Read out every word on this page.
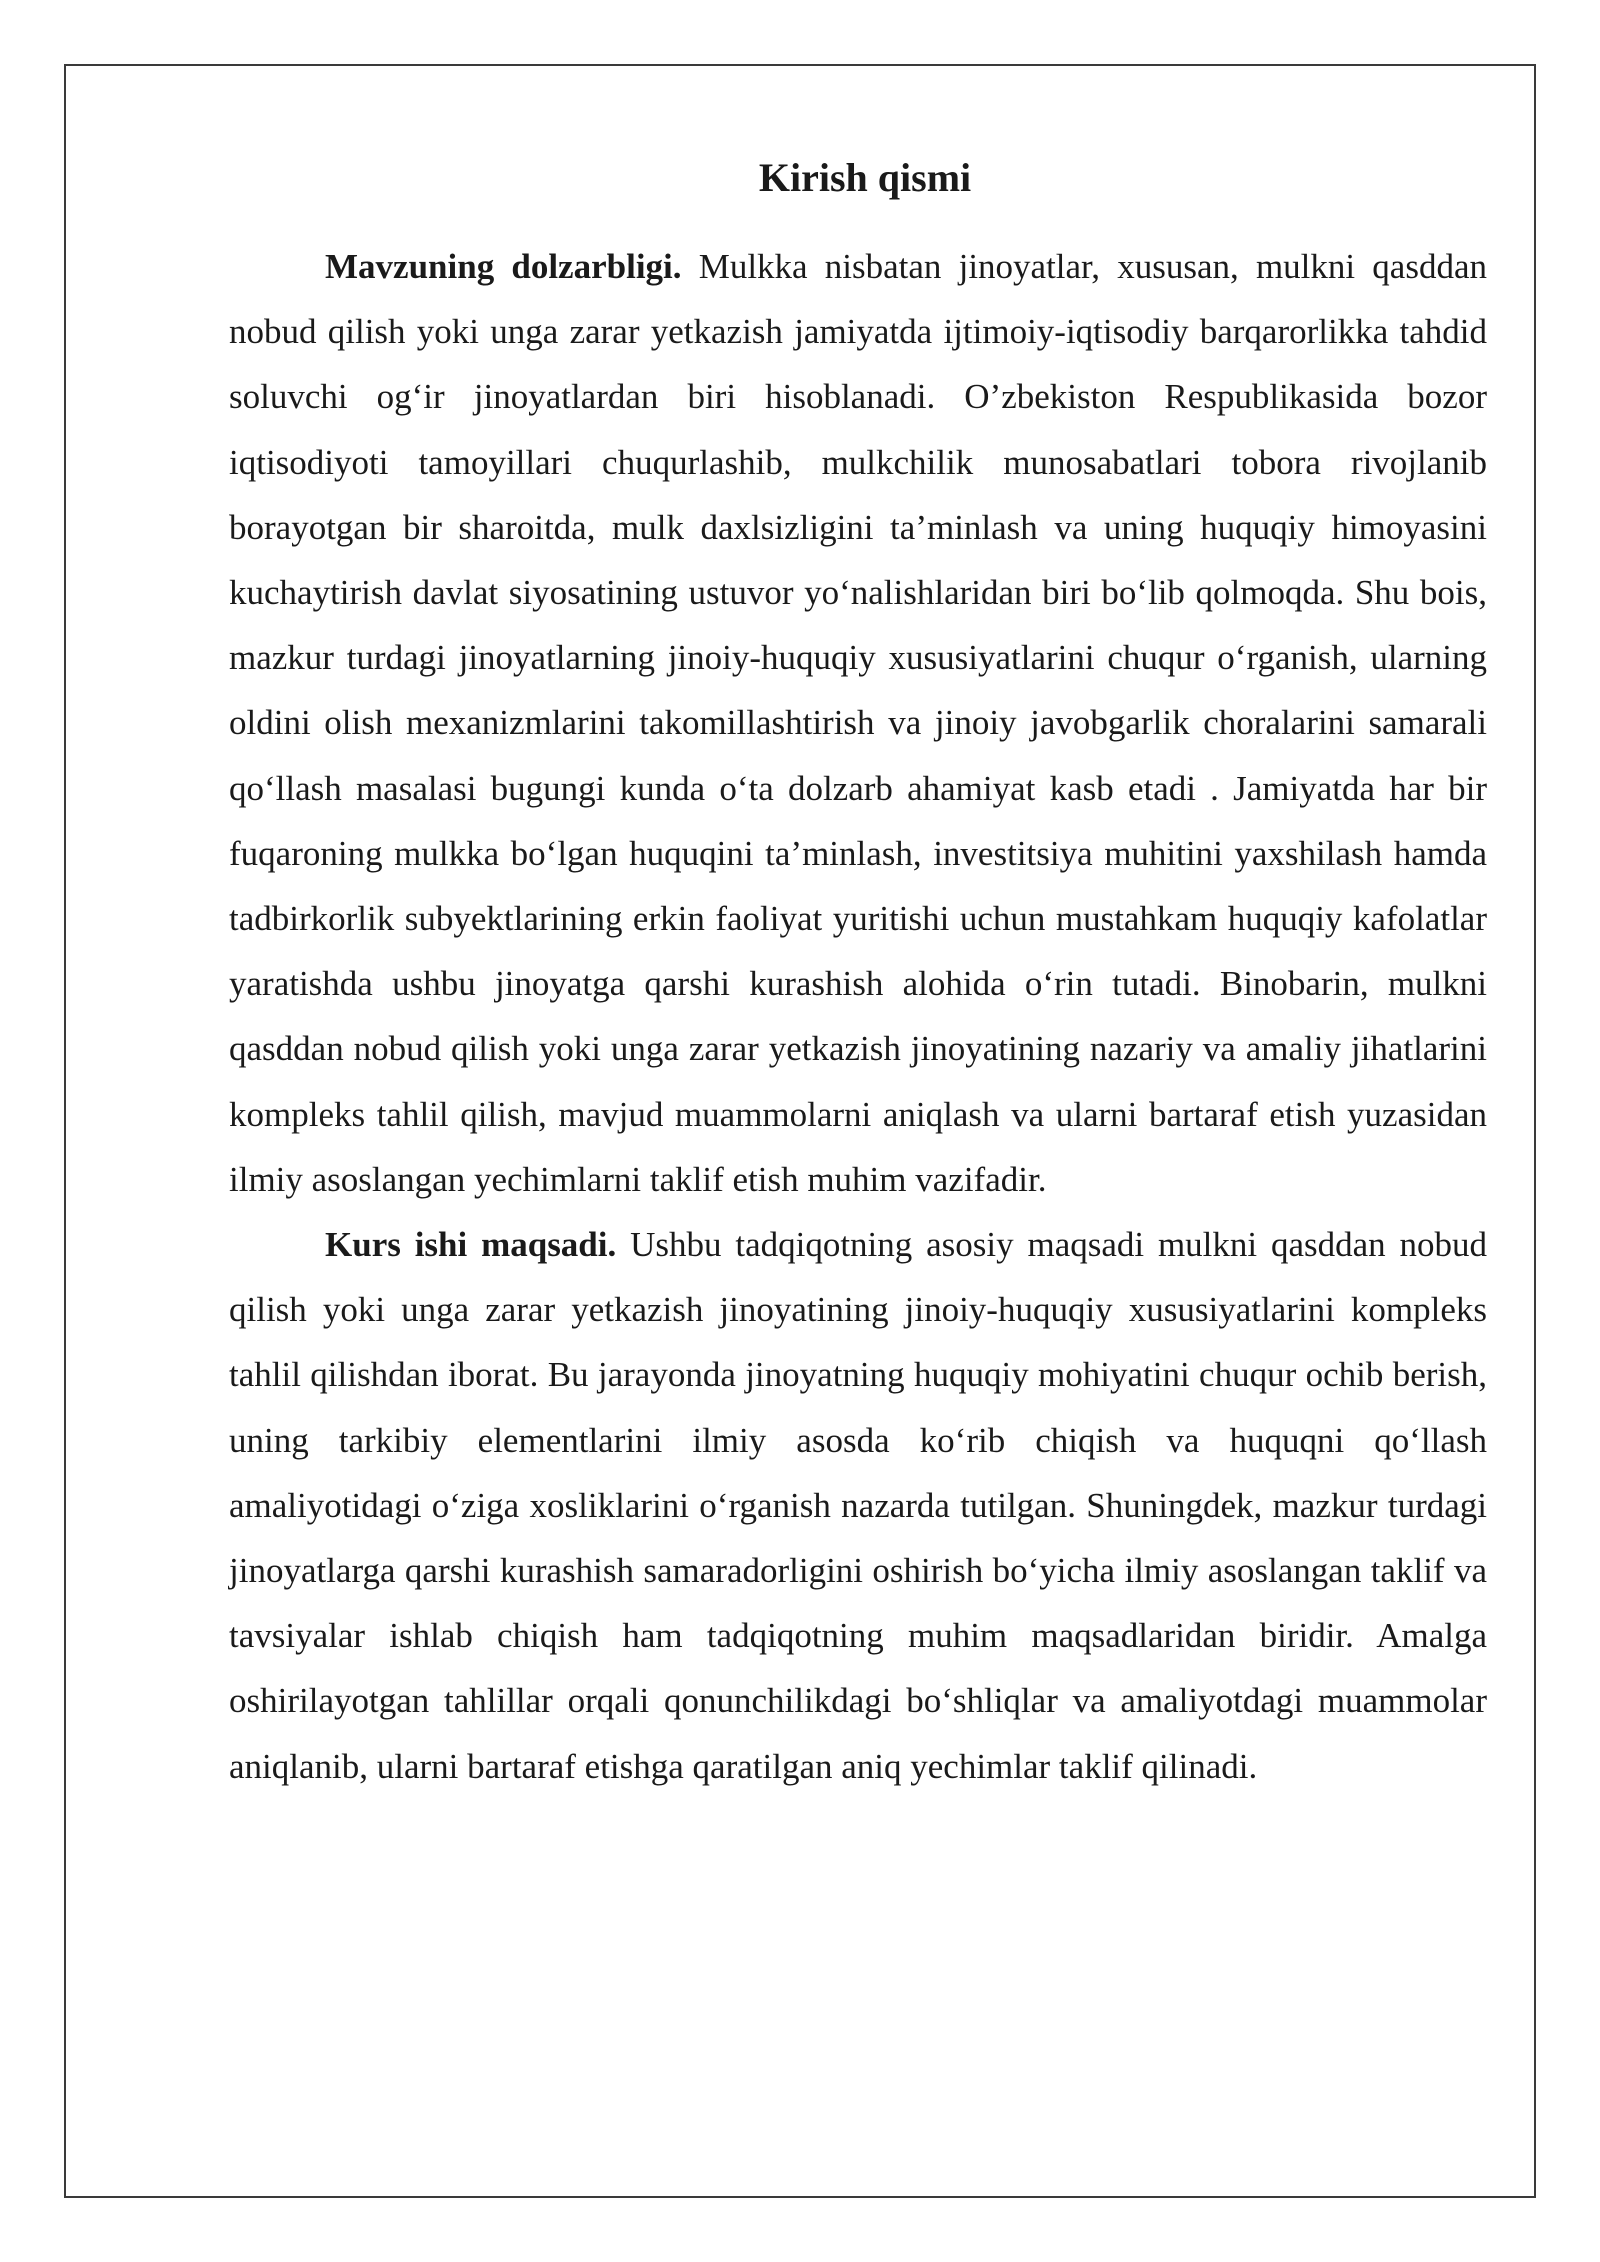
Kirish qismi

Mavzuning dolzarbligi. Mulkka nisbatan jinoyatlar, xususan, mulkni qasddan nobud qilish yoki unga zarar yetkazish jamiyatda ijtimoiy-iqtisodiy barqarorlikka tahdid soluvchi og‘ir jinoyatlardan biri hisoblanadi. O’zbekiston Respublikasida bozor iqtisodiyoti tamoyillari chuqurlashib, mulkchilik munosabatlari tobora rivojlanib borayotgan bir sharoitda, mulk daxlsizligini ta’minlash va uning huquqiy himoyasini kuchaytirish davlat siyosatining ustuvor yo‘nalishlaridan biri bo‘lib qolmoqda. Shu bois, mazkur turdagi jinoyatlarning jinoiy-huquqiy xususiyatlarini chuqur o‘rganish, ularning oldini olish mexanizmlarini takomillashtirish va jinoiy javobgarlik choralarini samarali qo‘llash masalasi bugungi kunda o‘ta dolzarb ahamiyat kasb etadi . Jamiyatda har bir fuqaroning mulkka bo‘lgan huquqini ta’minlash, investitsiya muhitini yaxshilash hamda tadbirkorlik subyektlarining erkin faoliyat yuritishi uchun mustahkam huquqiy kafolatlar yaratishda ushbu jinoyatga qarshi kurashish alohida o‘rin tutadi. Binobarin, mulkni qasddan nobud qilish yoki unga zarar yetkazish jinoyatining nazariy va amaliy jihatlarini kompleks tahlil qilish, mavjud muammolarni aniqlash va ularni bartaraf etish yuzasidan ilmiy asoslangan yechimlarni taklif etish muhim vazifadir.

Kurs ishi maqsadi. Ushbu tadqiqotning asosiy maqsadi mulkni qasddan nobud qilish yoki unga zarar yetkazish jinoyatining jinoiy-huquqiy xususiyatlarini kompleks tahlil qilishdan iborat. Bu jarayonda jinoyatning huquqiy mohiyatini chuqur ochib berish, uning tarkibiy elementlarini ilmiy asosda ko‘rib chiqish va huquqni qo‘llash amaliyotidagi o‘ziga xosliklarini o‘rganish nazarda tutilgan. Shuningdek, mazkur turdagi jinoyatlarga qarshi kurashish samaradorligini oshirish bo‘yicha ilmiy asoslangan taklif va tavsiyalar ishlab chiqish ham tadqiqotning muhim maqsadlaridan biridir. Amalga oshirilayotgan tahlillar orqali qonunchilikdagi bo‘shliqlar va amaliyotdagi muammolar aniqlanib, ularni bartaraf etishga qaratilgan aniq yechimlar taklif qilinadi.
